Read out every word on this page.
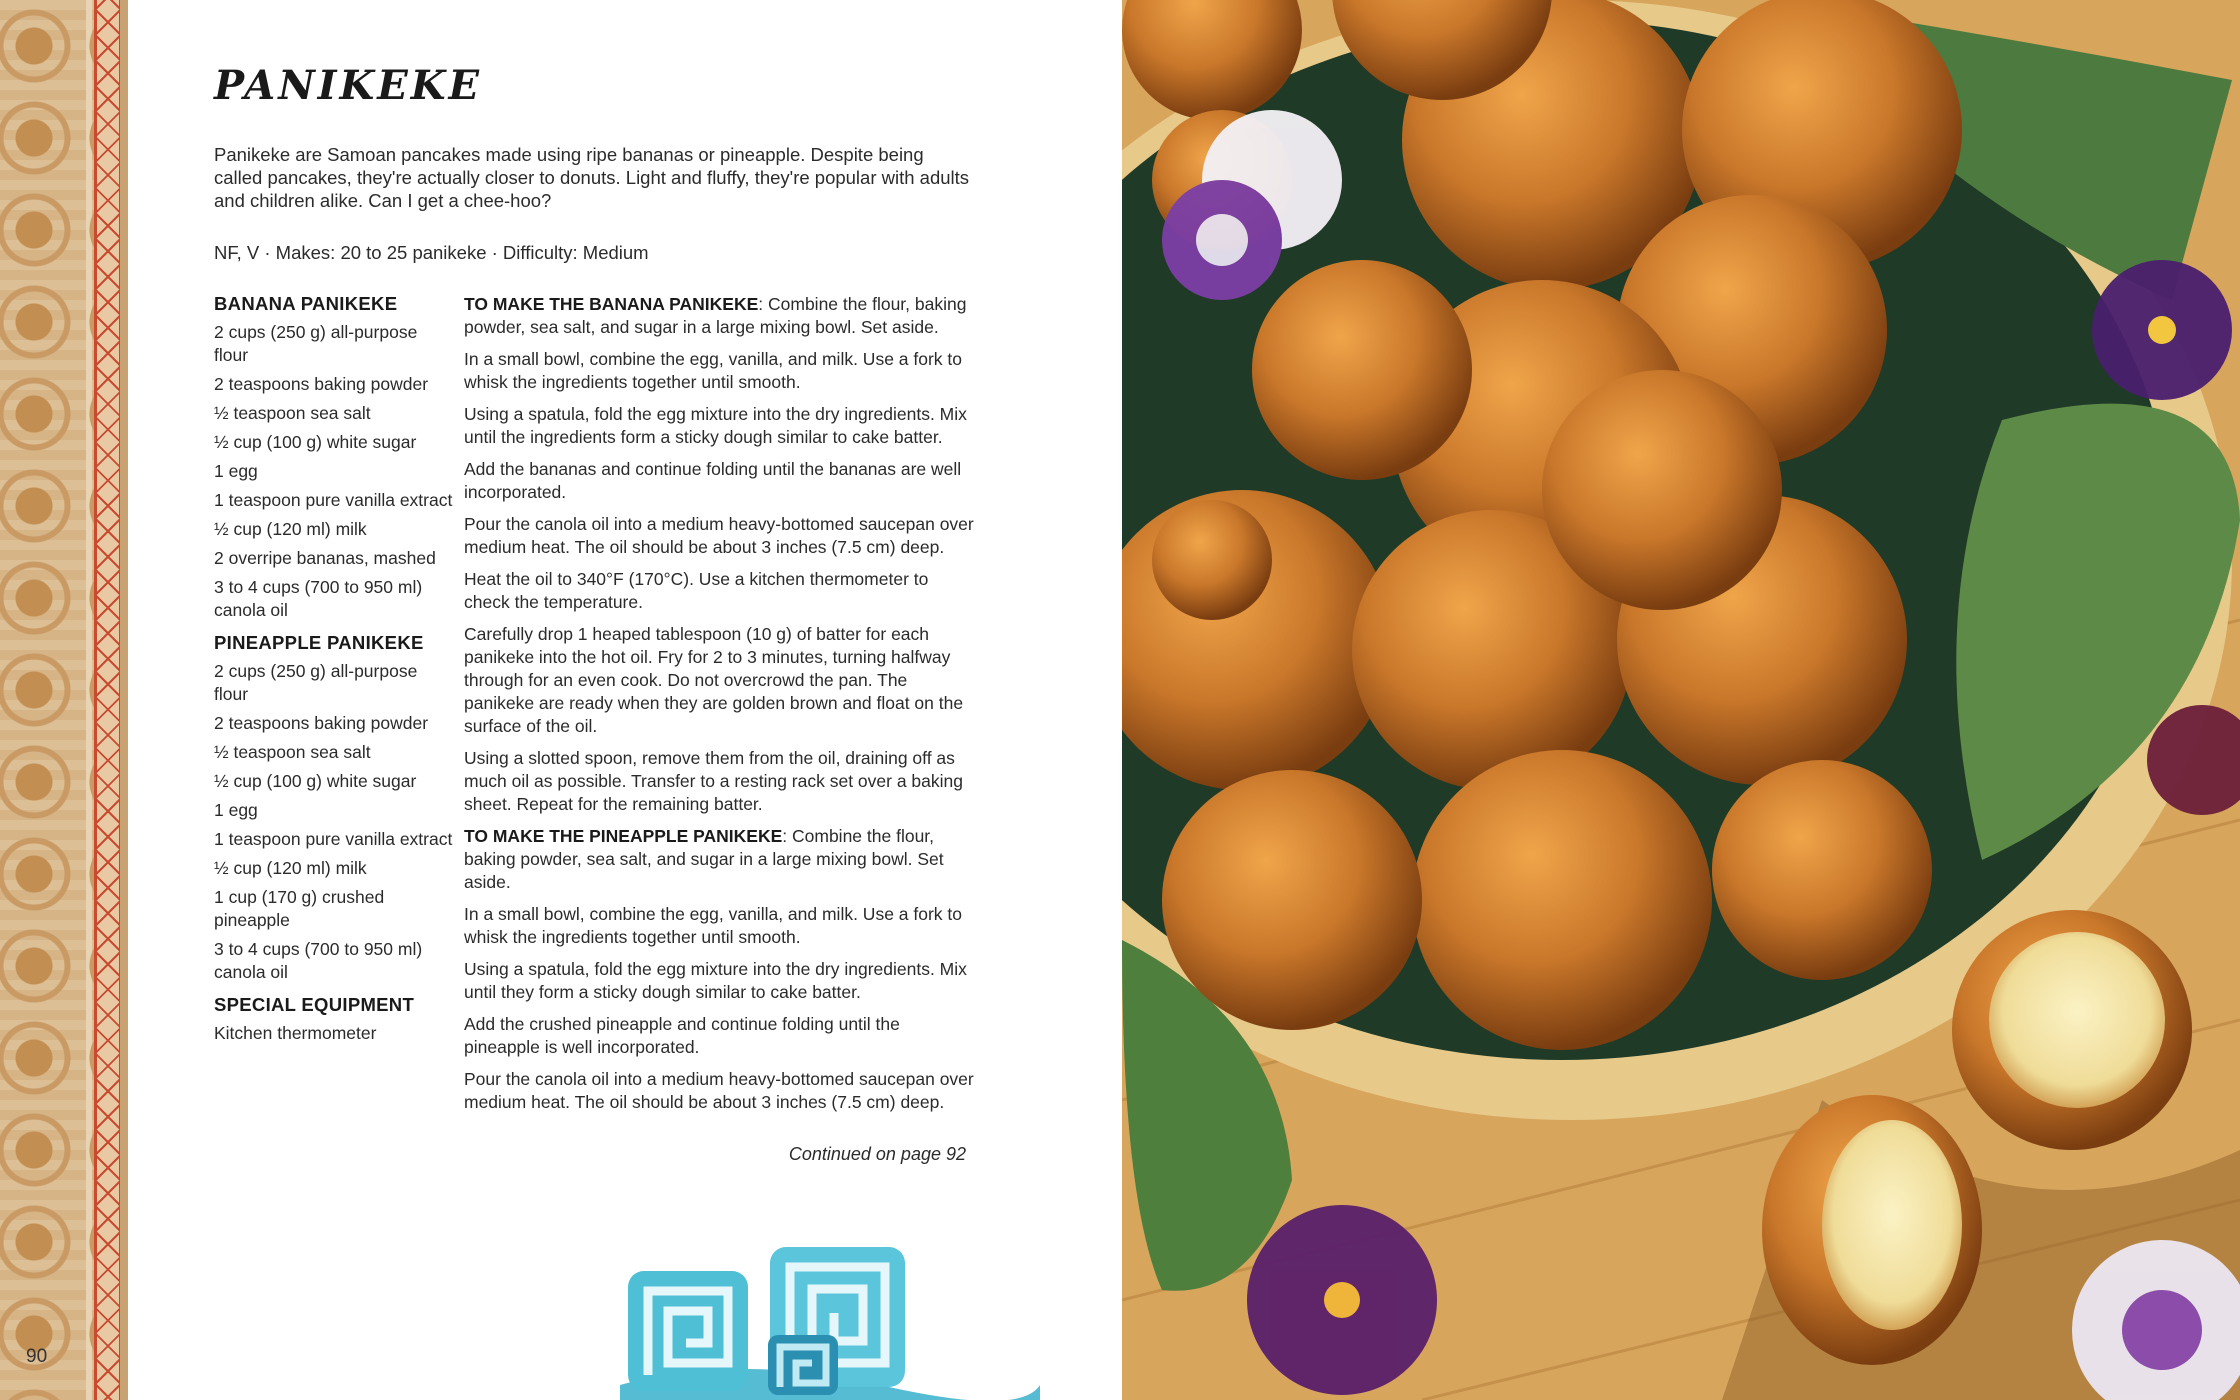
90
PANIKEKE

Panikeke are Samoan pancakes made using ripe bananas or pineapple. Despite being called pancakes, they're actually closer to donuts. Light and fluffy, they're popular with adults and children alike. Can I get a chee-hoo?

NF, V · Makes: 20 to 25 panikeke · Difficulty: Medium
BANANA PANIKEKE
2 cups (250 g) all-purpose flour
2 teaspoons baking powder
½ teaspoon sea salt
½ cup (100 g) white sugar
1 egg
1 teaspoon pure vanilla extract
½ cup (120 ml) milk
2 overripe bananas, mashed
3 to 4 cups (700 to 950 ml) canola oil
PINEAPPLE PANIKEKE
2 cups (250 g) all-purpose flour
2 teaspoons baking powder
½ teaspoon sea salt
½ cup (100 g) white sugar
1 egg
1 teaspoon pure vanilla extract
½ cup (120 ml) milk
1 cup (170 g) crushed pineapple
3 to 4 cups (700 to 950 ml) canola oil
SPECIAL EQUIPMENT
Kitchen thermometer

TO MAKE THE BANANA PANIKEKE: Combine the flour, baking powder, sea salt, and sugar in a large mixing bowl. Set aside.

In a small bowl, combine the egg, vanilla, and milk. Use a fork to whisk the ingredients together until smooth.

Using a spatula, fold the egg mixture into the dry ingredients. Mix until the ingredients form a sticky dough similar to cake batter.

Add the bananas and continue folding until the bananas are well incorporated.

Pour the canola oil into a medium heavy-bottomed saucepan over medium heat. The oil should be about 3 inches (7.5 cm) deep.

Heat the oil to 340°F (170°C). Use a kitchen thermometer to check the temperature.

Carefully drop 1 heaped tablespoon (10 g) of batter for each panikeke into the hot oil. Fry for 2 to 3 minutes, turning halfway through for an even cook. Do not overcrowd the pan. The panikeke are ready when they are golden brown and float on the surface of the oil.

Using a slotted spoon, remove them from the oil, draining off as much oil as possible. Transfer to a resting rack set over a baking sheet. Repeat for the remaining batter.

TO MAKE THE PINEAPPLE PANIKEKE: Combine the flour, baking powder, sea salt, and sugar in a large mixing bowl. Set aside.

In a small bowl, combine the egg, vanilla, and milk. Use a fork to whisk the ingredients together until smooth.

Using a spatula, fold the egg mixture into the dry ingredients. Mix until they form a sticky dough similar to cake batter.

Add the crushed pineapple and continue folding until the pineapple is well incorporated.

Pour the canola oil into a medium heavy-bottomed saucepan over medium heat. The oil should be about 3 inches (7.5 cm) deep.

Continued on page 92
